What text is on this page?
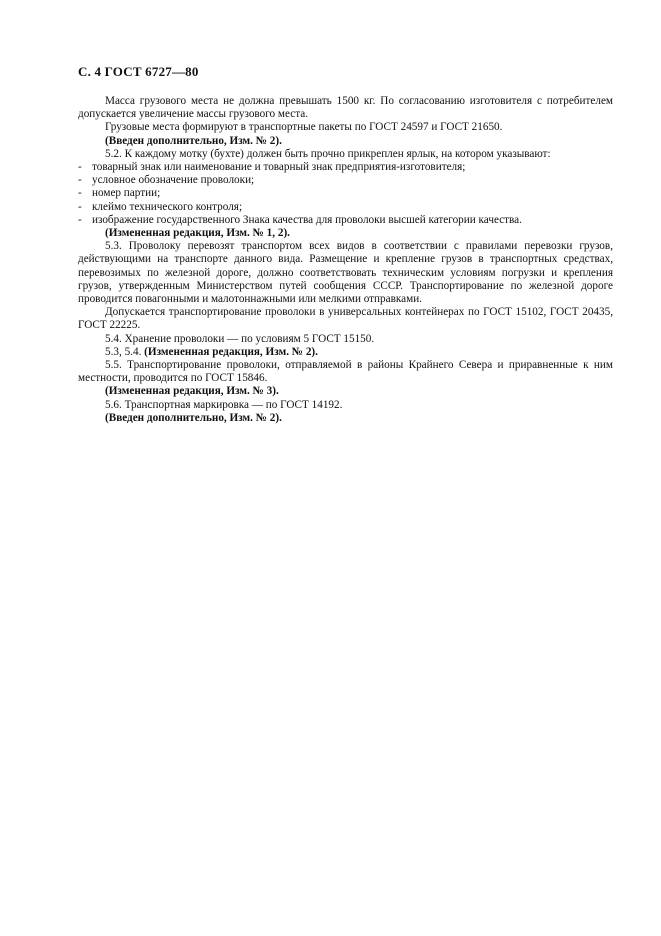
С. 4 ГОСТ 6727—80

Масса грузового места не должна превышать 1500 кг. По согласованию изготовителя с потребителем допускается увеличение массы грузового места.

Грузовые места формируют в транспортные пакеты по ГОСТ 24597 и ГОСТ 21650.

(Введен дополнительно, Изм. № 2).

5.2. К каждому мотку (бухте) должен быть прочно прикреплен ярлык, на котором указывают:

- товарный знак или наименование и товарный знак предприятия-изготовителя;
- условное обозначение проволоки;
- номер партии;
- клеймо технического контроля;
- изображение государственного Знака качества для проволоки высшей категории качества.

(Измененная редакция, Изм. № 1, 2).

5.3. Проволоку перевозят транспортом всех видов в соответствии с правилами перевозки грузов, действующими на транспорте данного вида. Размещение и крепление грузов в транспортных средствах, перевозимых по железной дороге, должно соответствовать техническим условиям погрузки и крепления грузов, утвержденным Министерством путей сообщения СССР. Транспортирование по железной дороге проводится повагонными и малотоннажными или мелкими отправками.

Допускается транспортирование проволоки в универсальных контейнерах по ГОСТ 15102, ГОСТ 20435, ГОСТ 22225.

5.4. Хранение проволоки — по условиям 5 ГОСТ 15150.

5.3, 5.4. (Измененная редакция, Изм. № 2).

5.5. Транспортирование проволоки, отправляемой в районы Крайнего Севера и приравненные к ним местности, проводится по ГОСТ 15846.

(Измененная редакция, Изм. № 3).

5.6. Транспортная маркировка — по ГОСТ 14192.

(Введен дополнительно, Изм. № 2).
